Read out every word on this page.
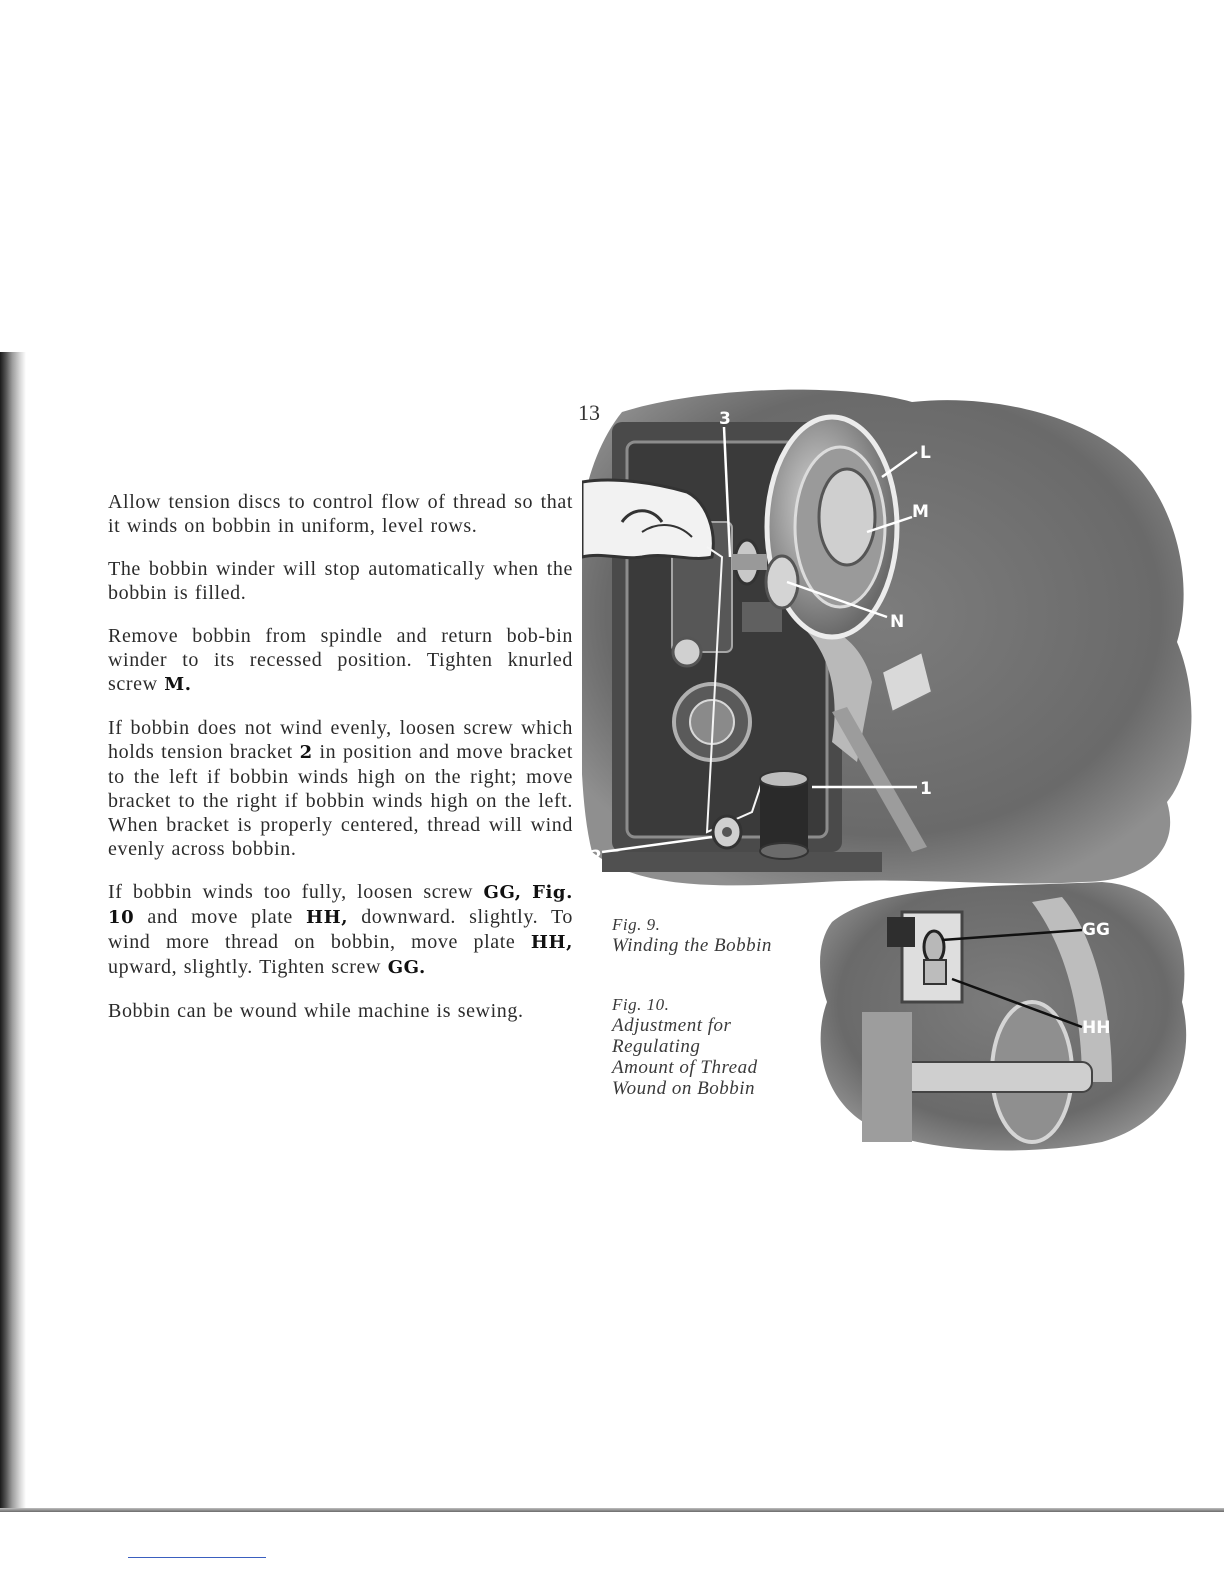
13

Allow tension discs to control flow of thread so that it winds on bobbin in uniform, level rows.

The bobbin winder will stop automatically when the bobbin is filled.

Remove bobbin from spindle and return bob-bin winder to its recessed position. Tighten knurled screw M.

If bobbin does not wind evenly, loosen screw which holds tension bracket 2 in position and move bracket to the left if bobbin winds high on the right; move bracket to the right if bobbin winds high on the left. When bracket is properly centered, thread will wind evenly across bobbin.

If bobbin winds too fully, loosen screw GG, Fig. 10 and move plate HH, downward. slightly. To wind more thread on bobbin, move plate HH, upward, slightly. Tighten screw GG.

Bobbin can be wound while machine is sewing.

3
L
M
N
1
2
GG
HH
Fig. 9.
Winding the Bobbin
Fig. 10.
Adjustment for
Regulating
Amount of Thread
Wound on Bobbin
